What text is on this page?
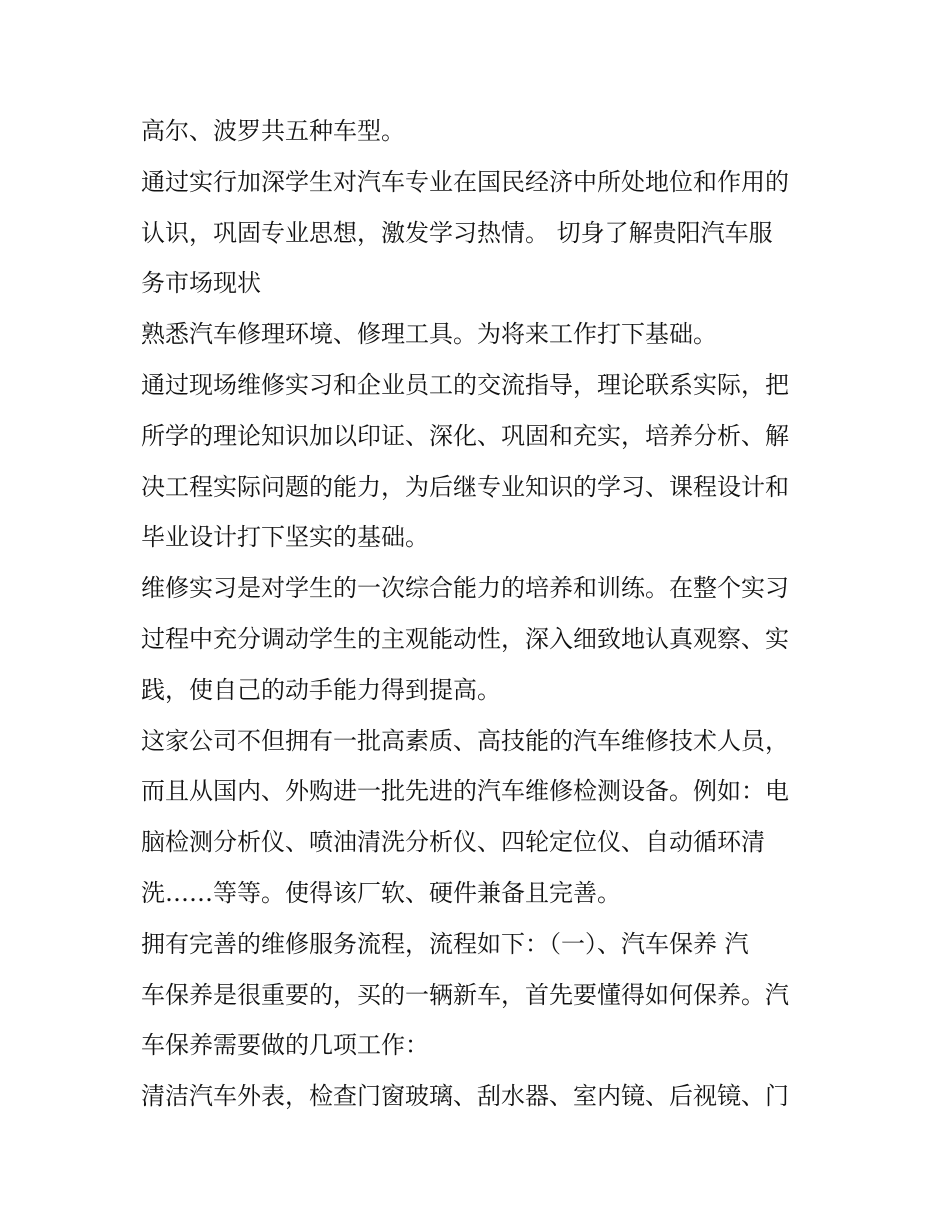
高尔、波罗共五种车型。
通过实行加深学生对汽车专业在国民经济中所处地位和作用的
认识，巩固专业思想，激发学习热情。 切身了解贵阳汽车服
务市场现状
熟悉汽车修理环境、修理工具。为将来工作打下基础。
通过现场维修实习和企业员工的交流指导，理论联系实际，把
所学的理论知识加以印证、深化、巩固和充实，培养分析、解
决工程实际问题的能力，为后继专业知识的学习、课程设计和
毕业设计打下坚实的基础。
维修实习是对学生的一次综合能力的培养和训练。在整个实习
过程中充分调动学生的主观能动性，深入细致地认真观察、实
践，使自己的动手能力得到提高。
这家公司不但拥有一批高素质、高技能的汽车维修技术人员，
而且从国内、外购进一批先进的汽车维修检测设备。例如：电
脑检测分析仪、喷油清洗分析仪、四轮定位仪、自动循环清
洗……等等。使得该厂软、硬件兼备且完善。
拥有完善的维修服务流程，流程如下：（一）、汽车保养 汽
车保养是很重要的，买的一辆新车，首先要懂得如何保养。汽
车保养需要做的几项工作：
清洁汽车外表，检查门窗玻璃、刮水器、室内镜、后视镜、门
